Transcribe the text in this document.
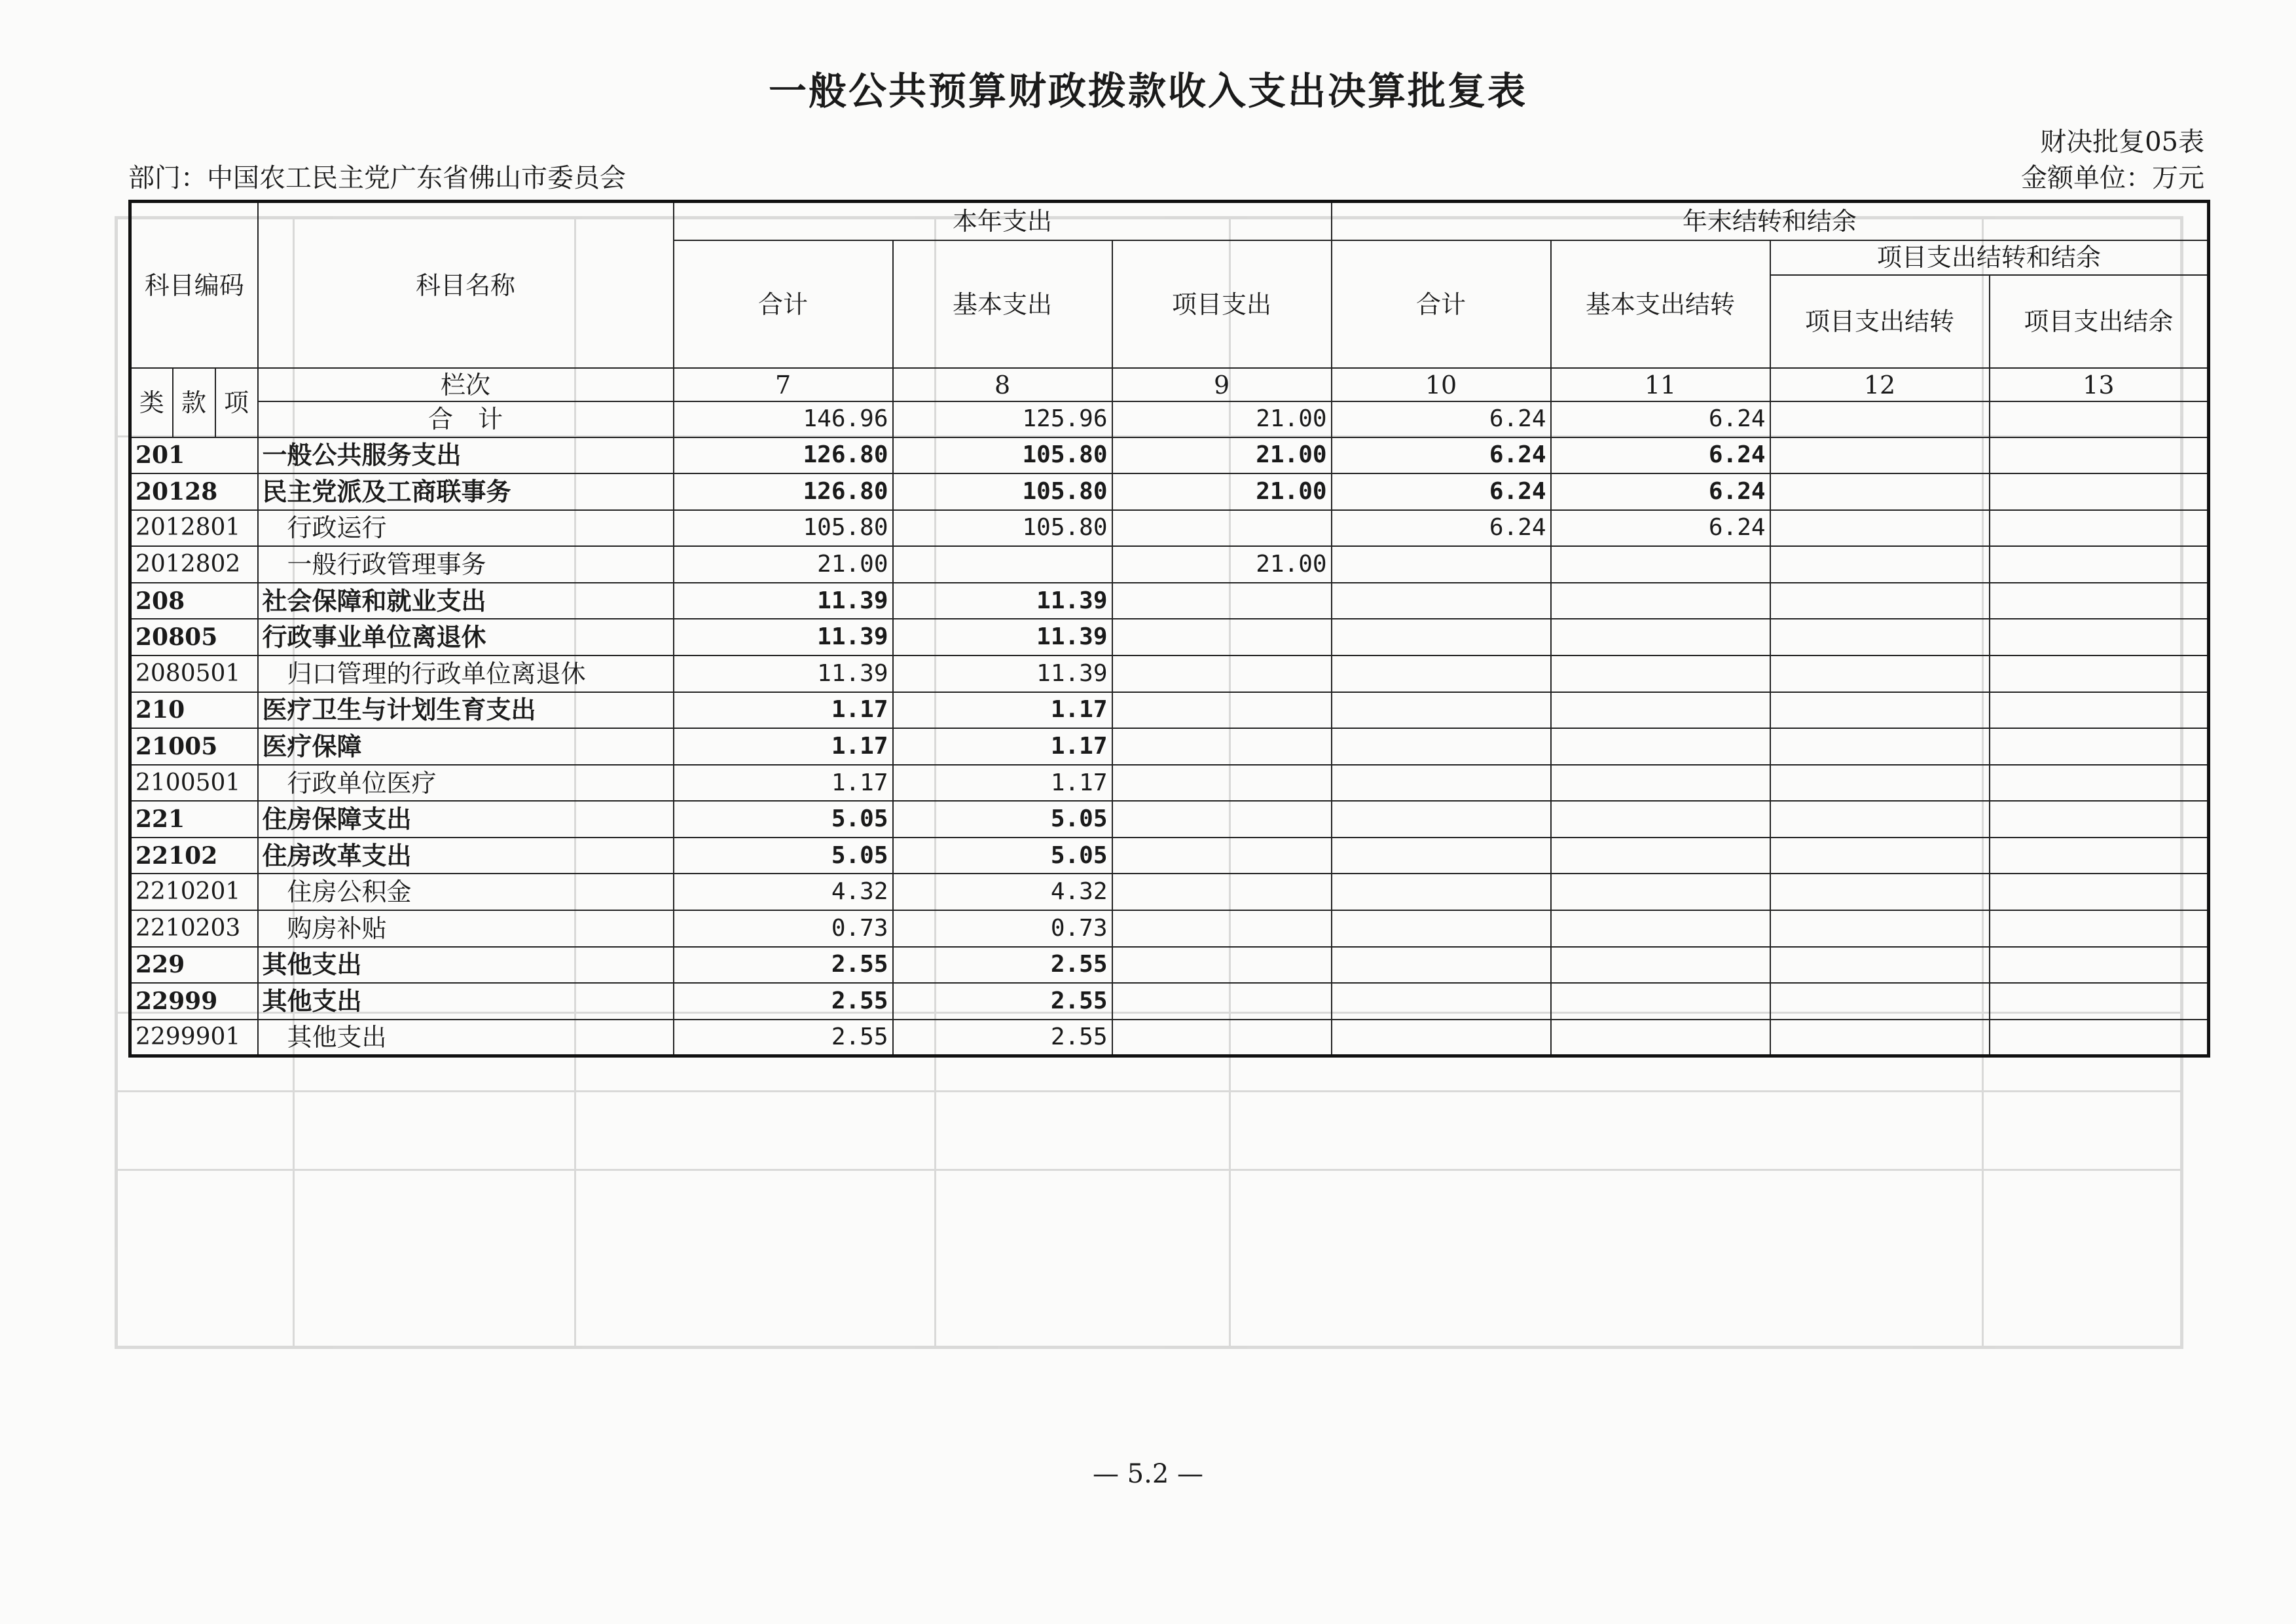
一般公共预算财政拨款收入支出决算批复表
财决批复05表
部门：中国农工民主党广东省佛山市委员会	金额单位：万元
科目编码			科目名称	本年支出			年末结转和结余			
				合计	基本支出	项目支出	合计	基本支出结转	项目支出结转和结余	
									项目支出结转	项目支出结余
类	款	项	栏次	7	8	9	10	11	12	13
			合　计	146.96	125.96	21.00	6.24	6.24		
201			一般公共服务支出	126.80	105.80	21.00	6.24	6.24		
20128			民主党派及工商联事务	126.80	105.80	21.00	6.24	6.24		
2012801			行政运行	105.80	105.80		6.24	6.24		
2012802			一般行政管理事务	21.00		21.00				
208			社会保障和就业支出	11.39	11.39					
20805			行政事业单位离退休	11.39	11.39					
2080501			归口管理的行政单位离退休	11.39	11.39					
210			医疗卫生与计划生育支出	1.17	1.17					
21005			医疗保障	1.17	1.17					
2100501			行政单位医疗	1.17	1.17					
221			住房保障支出	5.05	5.05					
22102			住房改革支出	5.05	5.05					
2210201			住房公积金	4.32	4.32					
2210203			购房补贴	0.73	0.73					
229			其他支出	2.55	2.55					
22999			其他支出	2.55	2.55					
2299901			其他支出	2.55	2.55					
— 5.2 —
